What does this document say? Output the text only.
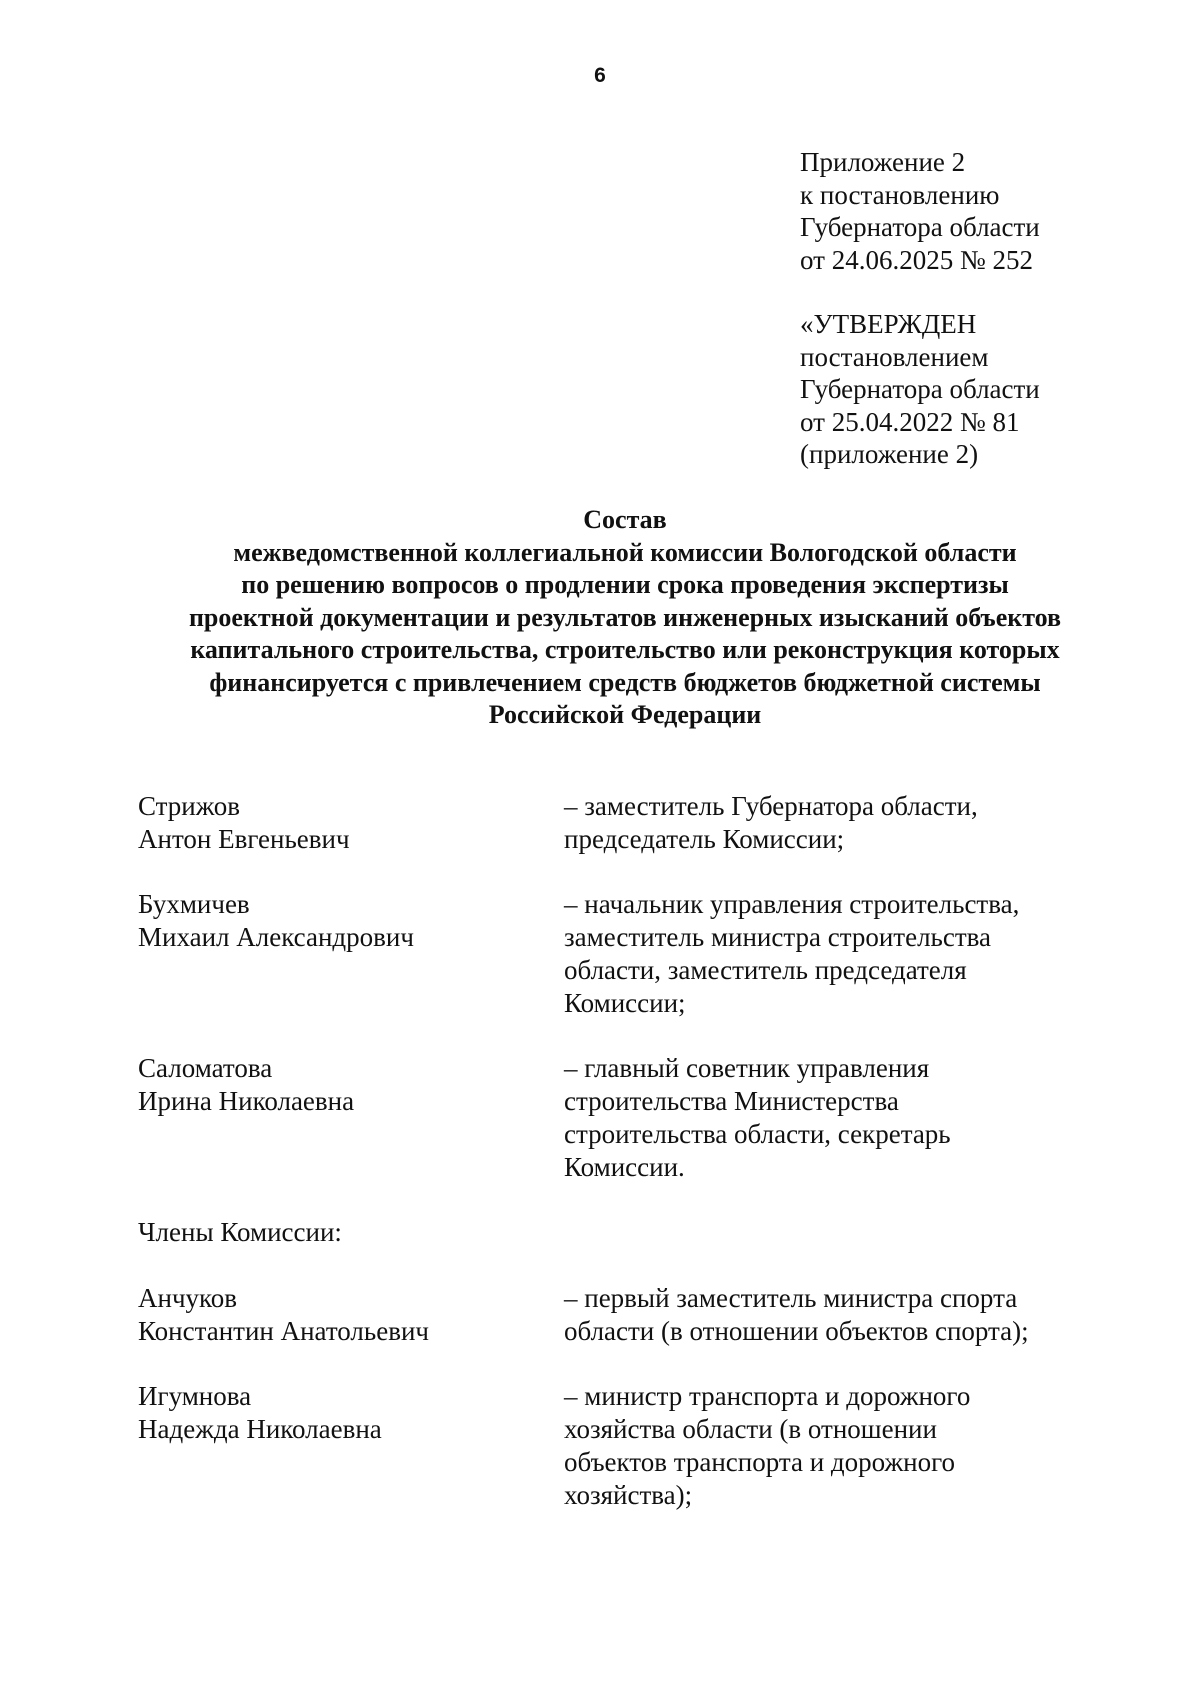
6
Приложение 2
к постановлению
Губернатора области
от 24.06.2025 № 252
«УТВЕРЖДЕН
постановлением
Губернатора области
от 25.04.2022 № 81
(приложение 2)
Состав
межведомственной коллегиальной комиссии Вологодской области
по решению вопросов о продлении срока проведения экспертизы
проектной документации и результатов инженерных изысканий объектов
капитального строительства, строительство или реконструкция которых
финансируется с привлечением средств бюджетов бюджетной системы
Российской Федерации
Стрижов
Антон Евгеньевич
– заместитель Губернатора области,
председатель Комиссии;
Бухмичев
Михаил Александрович
– начальник управления строительства,
заместитель министра строительства
области, заместитель председателя
Комиссии;
Саломатова
Ирина Николаевна
– главный советник управления
строительства Министерства
строительства области, секретарь
Комиссии.
Члены Комиссии:
Анчуков
Константин Анатольевич
– первый заместитель министра спорта
области (в отношении объектов спорта);
Игумнова
Надежда Николаевна
– министр транспорта и дорожного
хозяйства области (в отношении
объектов транспорта и дорожного
хозяйства);
